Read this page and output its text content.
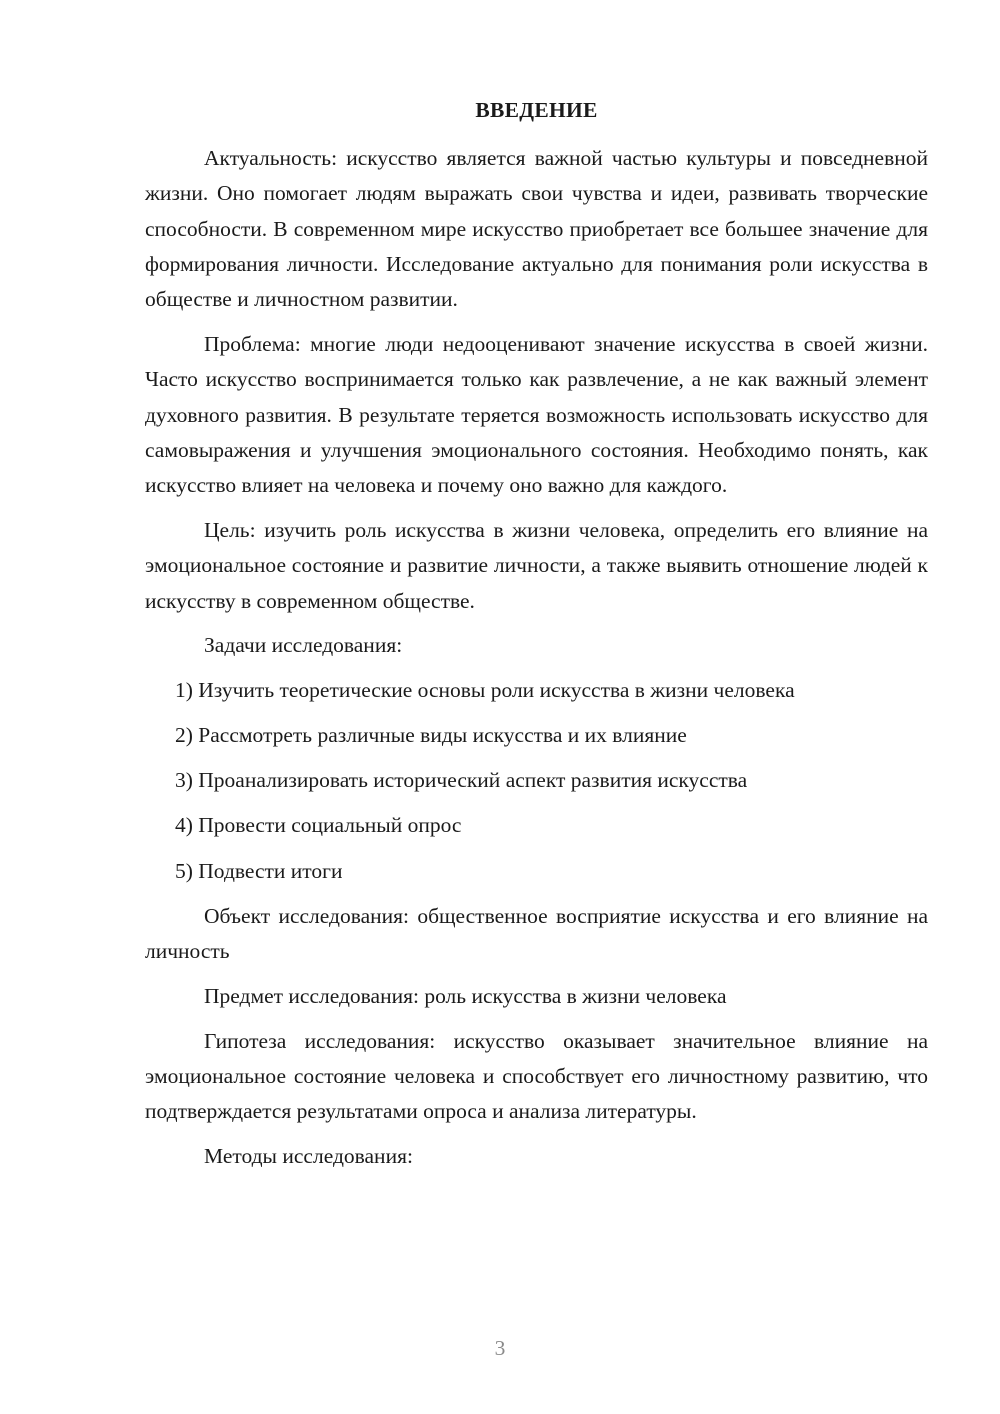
ВВЕДЕНИЕ

Актуальность: искусство является важной частью культуры и повседневной жизни. Оно помогает людям выражать свои чувства и идеи, развивать творческие способности. В современном мире искусство приобретает все большее значение для формирования личности. Исследование актуально для понимания роли искусства в обществе и личностном развитии.

Проблема: многие люди недооценивают значение искусства в своей жизни. Часто искусство воспринимается только как развлечение, а не как важный элемент духовного развития. В результате теряется возможность использовать искусство для самовыражения и улучшения эмоционального состояния. Необходимо понять, как искусство влияет на человека и почему оно важно для каждого.

Цель: изучить роль искусства в жизни человека, определить его влияние на эмоциональное состояние и развитие личности, а также выявить отношение людей к искусству в современном обществе.

Задачи исследования:

1) Изучить теоретические основы роли искусства в жизни человека
2) Рассмотреть различные виды искусства и их влияние
3) Проанализировать исторический аспект развития искусства
4) Провести социальный опрос
5) Подвести итоги

Объект исследования: общественное восприятие искусства и его влияние на личность

Предмет исследования: роль искусства в жизни человека

Гипотеза исследования: искусство оказывает значительное влияние на эмоциональное состояние человека и способствует его личностному развитию, что подтверждается результатами опроса и анализа литературы.

Методы исследования:

3
